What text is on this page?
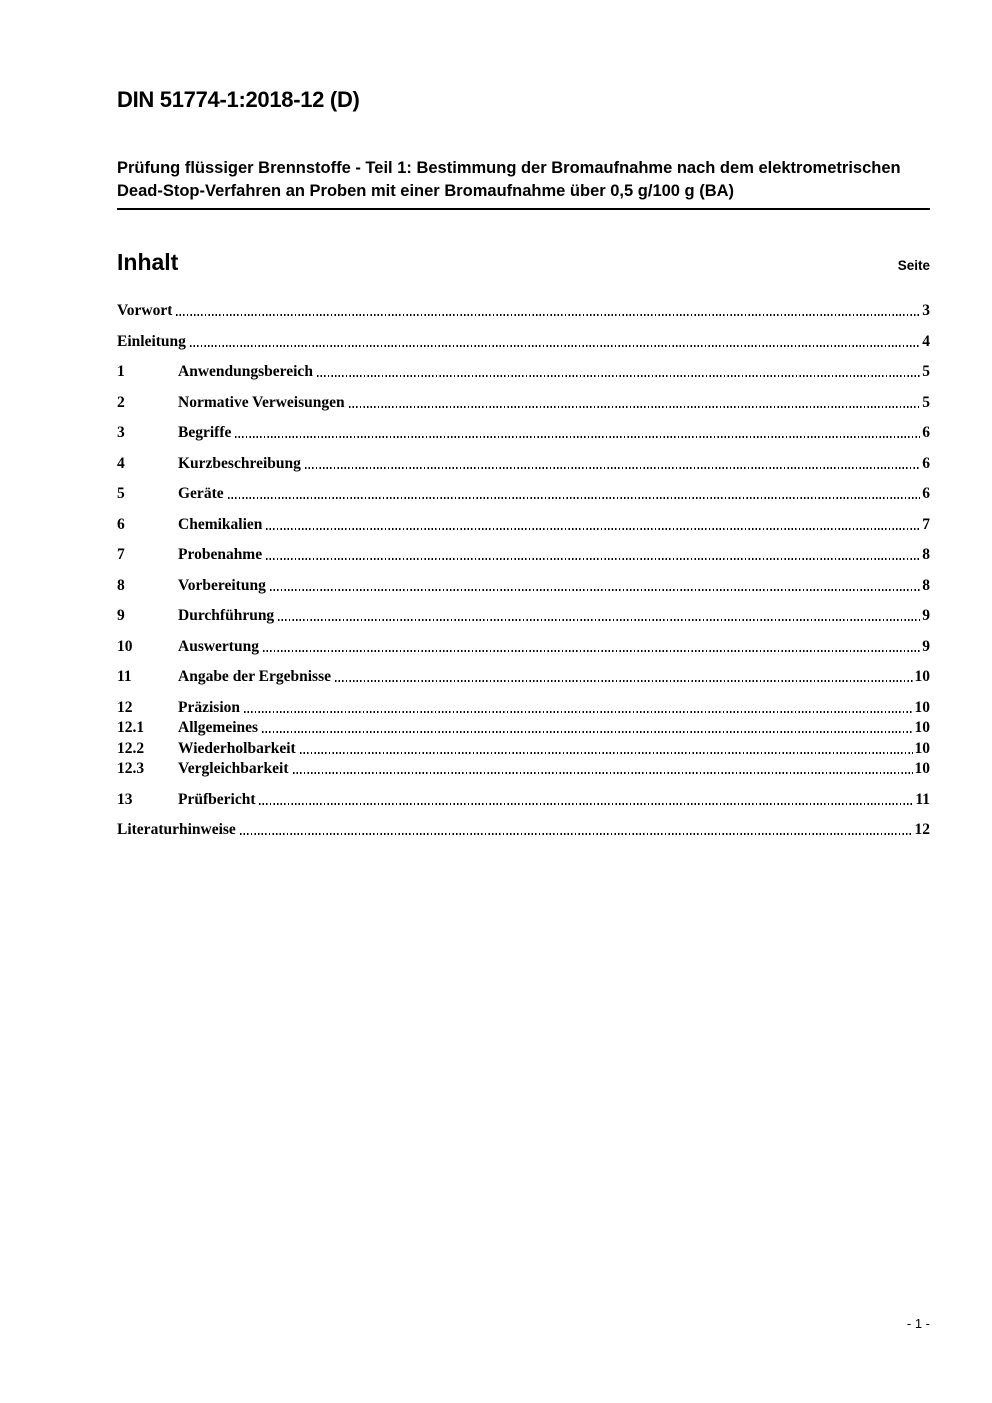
DIN 51774-1:2018-12 (D)
Prüfung flüssiger Brennstoffe - Teil 1: Bestimmung der Bromaufnahme nach dem elektrometrischen Dead-Stop-Verfahren an Proben mit einer Bromaufnahme über 0,5 g/100 g (BA)
Inhalt	Seite
Vorwort	3
Einleitung	4
1	Anwendungsbereich	5
2	Normative Verweisungen	5
3	Begriffe	6
4	Kurzbeschreibung	6
5	Geräte	6
6	Chemikalien	7
7	Probenahme	8
8	Vorbereitung	8
9	Durchführung	9
10	Auswertung	9
11	Angabe der Ergebnisse	10
12	Präzision	10
12.1	Allgemeines	10
12.2	Wiederholbarkeit	10
12.3	Vergleichbarkeit	10
13	Prüfbericht	11
Literaturhinweise	12
- 1 -
